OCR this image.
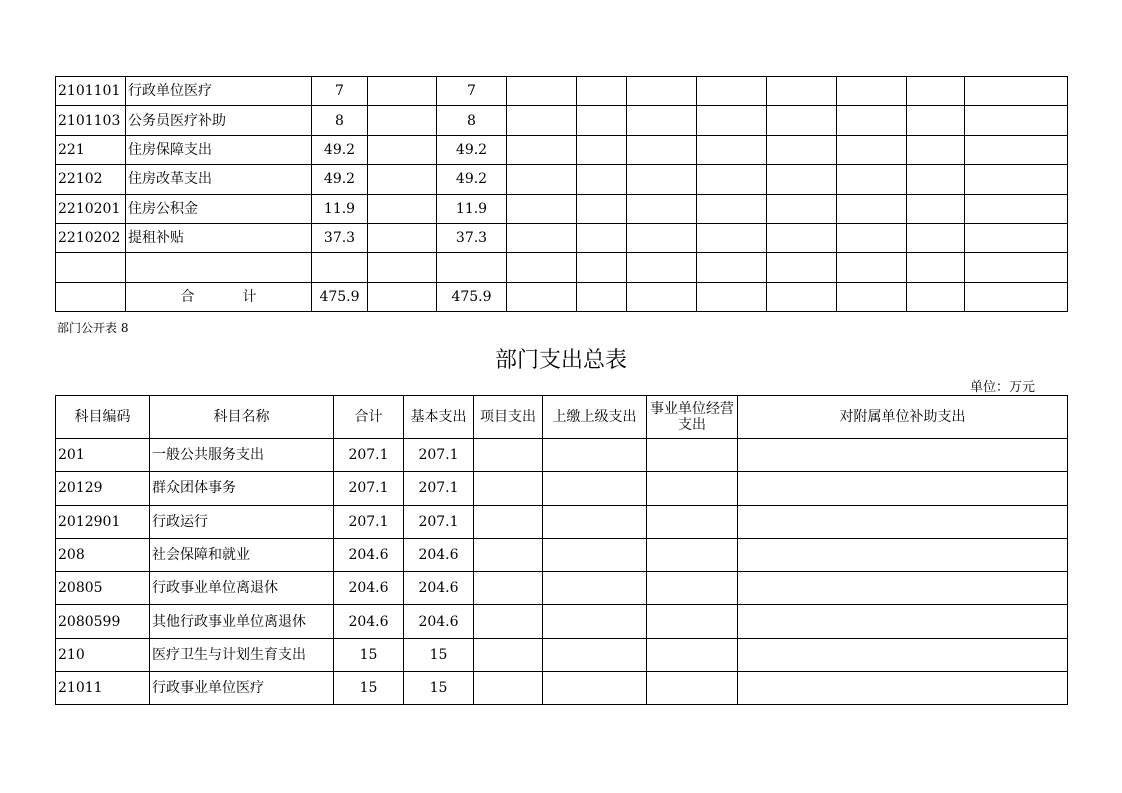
2101101	行政单位医疗	7		7								
2101103	公务员医疗补助	8		8								
221	住房保障支出	49.2		49.2								
22102	住房改革支出	49.2		49.2								
2210201	住房公积金	11.9		11.9								
2210202	提租补贴	37.3		37.3								

	合 计	475.9		475.9								
部门公开表 8
部门支出总表
单位：万元
科目编码	科目名称	合计	基本支出	项目支出	上缴上级支出	事业单位经营支出	对附属单位补助支出
201	一般公共服务支出	207.1	207.1				
20129	群众团体事务	207.1	207.1				
2012901	行政运行	207.1	207.1				
208	社会保障和就业	204.6	204.6				
20805	行政事业单位离退休	204.6	204.6				
2080599	其他行政事业单位离退休	204.6	204.6				
210	医疗卫生与计划生育支出	15	15				
21011	行政事业单位医疗	15	15				
